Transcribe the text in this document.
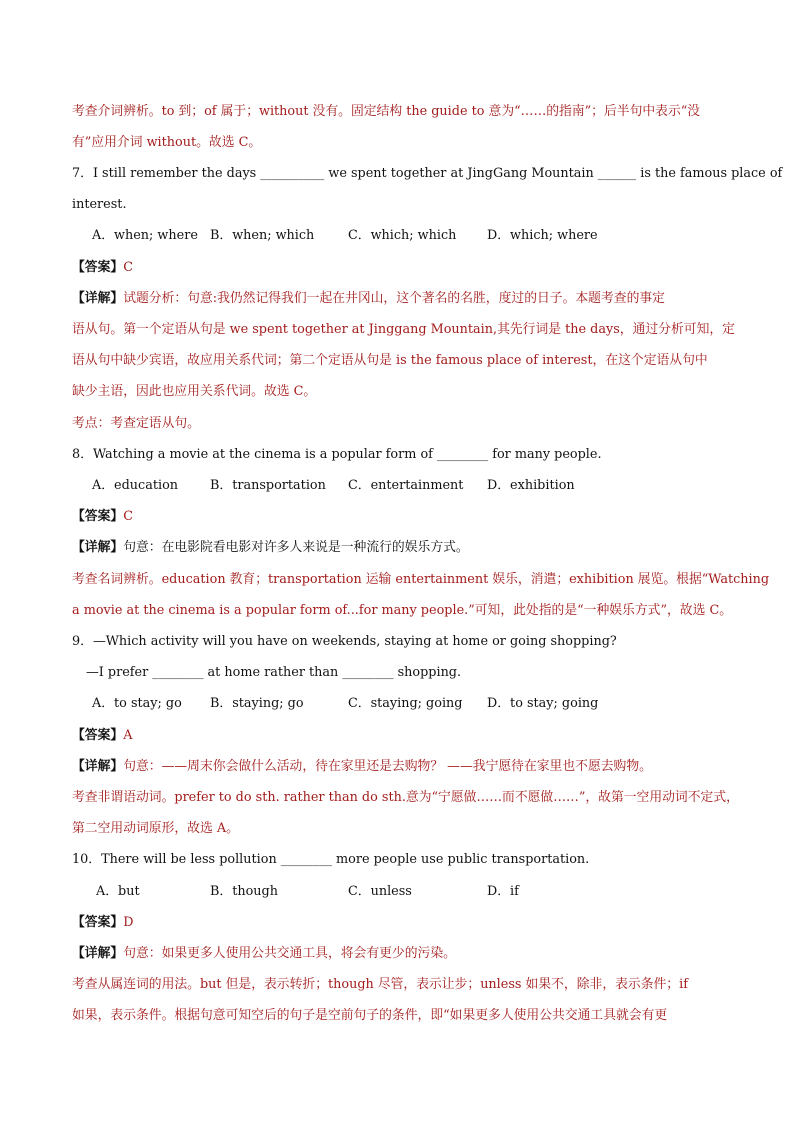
考查介词辨析。to 到；of 属于；without 没有。固定结构 the guide to 意为“……的指南”；后半句中表示“没
有”应用介词 without。故选 C。
7．I still remember the days __________ we spent together at JingGang Mountain ______ is the famous place of
interest.
A．when; where B．when; which	C．which; which D．which; where
【答案】C
【详解】试题分析：句意:我仍然记得我们一起在井冈山，这个著名的名胜，度过的日子。本题考查的事定
语从句。第一个定语从句是 we spent together at Jinggang Mountain,其先行词是 the days，通过分析可知，定
语从句中缺少宾语，故应用关系代词；第二个定语从句是 is the famous place of interest，在这个定语从句中
缺少主语，因此也应用关系代词。故选 C。
考点：考查定语从句。
8．Watching a movie at the cinema is a popular form of ________ for many people.
A．education B．transportation C．entertainment D．exhibition
【答案】C
【详解】句意：在电影院看电影对许多人来说是一种流行的娱乐方式。
考查名词辨析。education 教育；transportation 运输 entertainment 娱乐，消遣；exhibition 展览。根据“Watching
a movie at the cinema is a popular form of...for many people.”可知，此处指的是“一种娱乐方式”，故选 C。
9．—Which activity will you have on weekends, staying at home or going shopping?
—I prefer ________ at home rather than ________ shopping.
A．to stay; go B．staying; go	C．staying; going D．to stay; going
【答案】A
【详解】句意：——周末你会做什么活动，待在家里还是去购物？ ——我宁愿待在家里也不愿去购物。
考查非谓语动词。prefer to do sth. rather than do sth.意为“宁愿做……而不愿做……”，故第一空用动词不定式，
第二空用动词原形，故选 A。
10．There will be less pollution ________ more people use public transportation.
A．but	B．though	C．unless	D．if
【答案】D
【详解】句意：如果更多人使用公共交通工具，将会有更少的污染。
考查从属连词的用法。but 但是，表示转折；though 尽管，表示让步；unless 如果不，除非，表示条件；if
如果，表示条件。根据句意可知空后的句子是空前句子的条件，即“如果更多人使用公共交通工具就会有更
